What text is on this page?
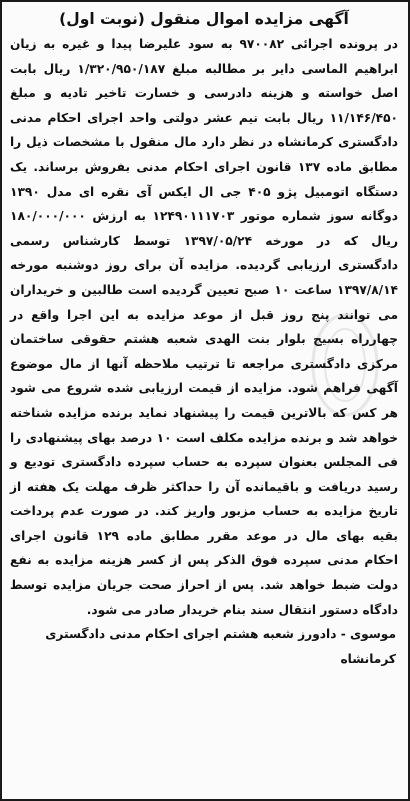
آگهی مزایده اموال منقول (نوبت اول)

در پرونده اجرائی ۹۷۰۰۸۲ به سود علیرضا پیدا و غیره به زیان ابراهیم الماسی دایر بر مطالبه مبلغ ۱/۳۲۰/۹۵۰/۱۸۷ ریال بابت اصل خواسته و هزینه دادرسی و خسارت تاخیر تادیه و مبلغ ۱۱/۱۴۶/۴۵۰ ریال بابت نیم عشر دولتی واحد اجرای احکام مدنی دادگستری کرمانشاه در نظر دارد مال منقول با مشخصات ذیل را مطابق ماده ۱۳۷ قانون اجرای احکام مدنی بفروش برساند. یک دستگاه اتومبیل پژو ۴۰۵ جی ال ایکس آی نقره ای مدل ۱۳۹۰ دوگانه سوز شماره موتور ۱۲۴۹۰۱۱۱۷۰۳ به ارزش ۱۸۰/۰۰۰/۰۰۰ ریال که در مورخه ۱۳۹۷/۰۵/۲۴ توسط کارشناس رسمی دادگستری ارزیابی گردیده. مزایده آن برای روز دوشنبه مورخه ۱۳۹۷/۸/۱۴ ساعت ۱۰ صبح تعیین گردیده است طالبین و خریداران می توانند پنج روز قبل از موعد مزایده به این اجرا واقع در چهارراه بسیج بلوار بنت الهدی شعبه هشتم حقوقی ساختمان مرکزی دادگستری مراجعه تا ترتیب ملاحظه آنها از مال موضوع آگهی فراهم شود. مزایده از قیمت ارزیابی شده شروع می شود هر کس که بالاترین قیمت را پیشنهاد نماید برنده مزایده شناخته خواهد شد و برنده مزایده مکلف است ۱۰ درصد بهای پیشنهادی را فی المجلس بعنوان سپرده به حساب سپرده دادگستری تودیع و رسید دریافت و باقیمانده آن را حداکثر ظرف مهلت یک هفته از تاریخ مزایده به حساب مزبور واریز کند. در صورت عدم پرداخت بقیه بهای مال در موعد مقرر مطابق ماده ۱۲۹ قانون اجرای احکام مدنی سپرده فوق الذکر پس از کسر هزینه مزایده به نفع دولت ضبط خواهد شد. پس از احراز صحت جریان مزایده توسط دادگاه دستور انتقال سند بنام خریدار صادر می شود.

موسوی - دادورز شعبه هشتم اجرای احکام مدنی دادگستری کرمانشاه
